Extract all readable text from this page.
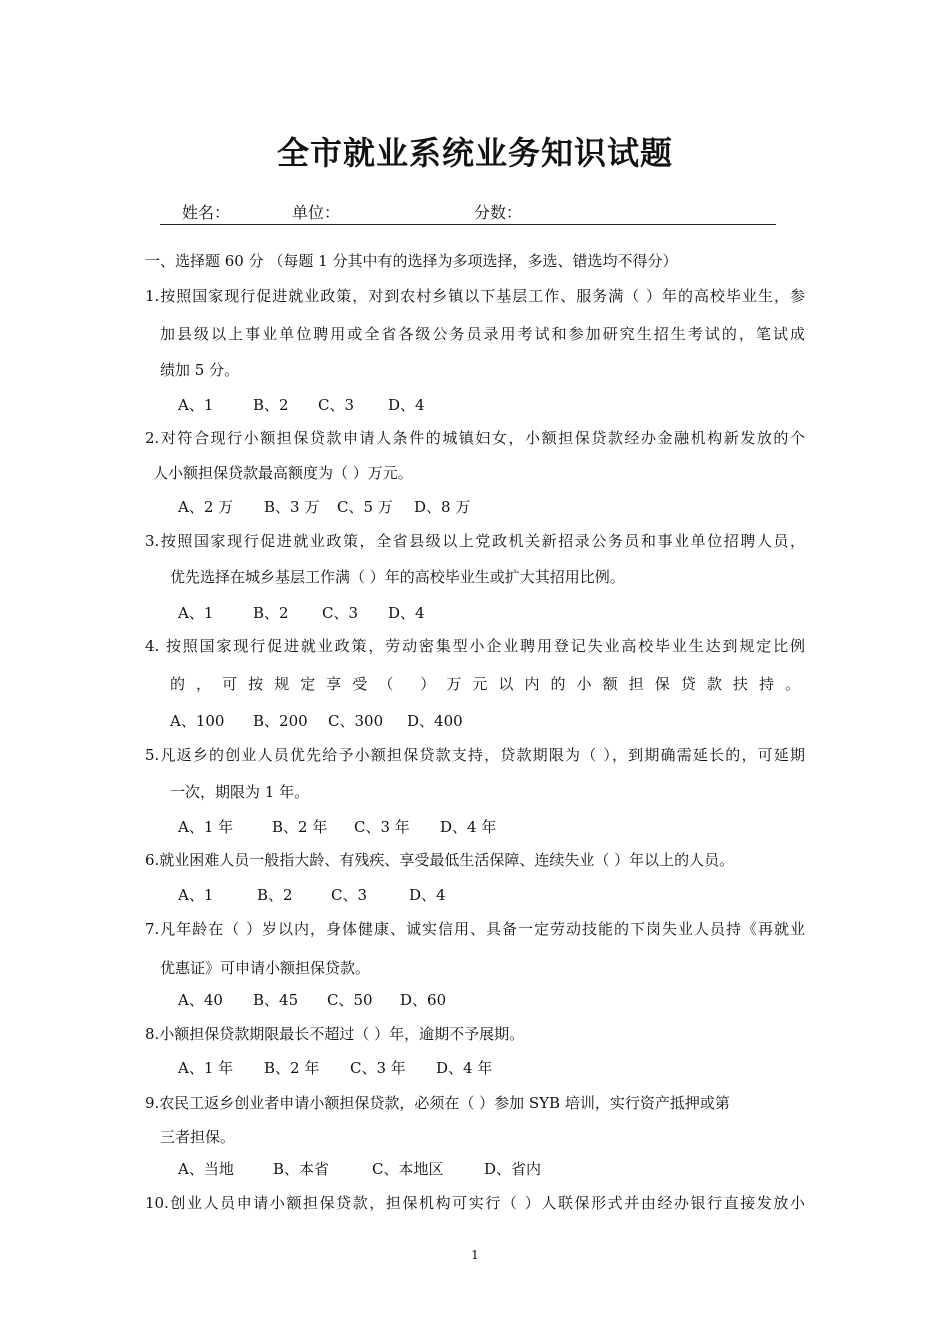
全市就业系统业务知识试题
姓名：	单位：	分数：
一、选择题 60 分 （每题 1 分其中有的选择为多项选择，多选、错选均不得分）
1.按照国家现行促进就业政策，对到农村乡镇以下基层工作、服务满（ ）年的高校毕业生，参
加县级以上事业单位聘用或全省各级公务员录用考试和参加研究生招生考试的，笔试成
绩加 5 分。
A、1	B、2 C、3 D、4
2.对符合现行小额担保贷款申请人条件的城镇妇女，小额担保贷款经办金融机构新发放的个
人小额担保贷款最高额度为（ ）万元。
A、2 万 B、3 万 C、5 万 D、8 万
3.按照国家现行促进就业政策，全省县级以上党政机关新招录公务员和事业单位招聘人员，
优先选择在城乡基层工作满（ ）年的高校毕业生或扩大其招用比例。
A、1	B、2 C、3 D、4
4. 按照国家现行促进就业政策，劳动密集型小企业聘用登记失业高校毕业生达到规定比例
的，可按规定享受（ ）万元以内的小额担保贷款扶持。
A、100 B、200 C、300 D、400
5.凡返乡的创业人员优先给予小额担保贷款支持，贷款期限为（ ），到期确需延长的，可延期
一次，期限为 1 年。
A、1 年	B、2 年 C、3 年 D、4 年
6.就业困难人员一般指大龄、有残疾、享受最低生活保障、连续失业（ ）年以上的人员。
A、1	B、2	C、3	D、4
7.凡年龄在（ ）岁以内，身体健康、诚实信用、具备一定劳动技能的下岗失业人员持《再就业
优惠证》可申请小额担保贷款。
A、40 B、45 C、50 D、60
8.小额担保贷款期限最长不超过（ ）年，逾期不予展期。
A、1 年 B、2 年 C、3 年 D、4 年
9.农民工返乡创业者申请小额担保贷款，必须在（ ）参加 SYB 培训，实行资产抵押或第
三者担保。
A、当地	B、本省	C、本地区	D、省内
10.创业人员申请小额担保贷款，担保机构可实行（ ）人联保形式并由经办银行直接发放小
1
